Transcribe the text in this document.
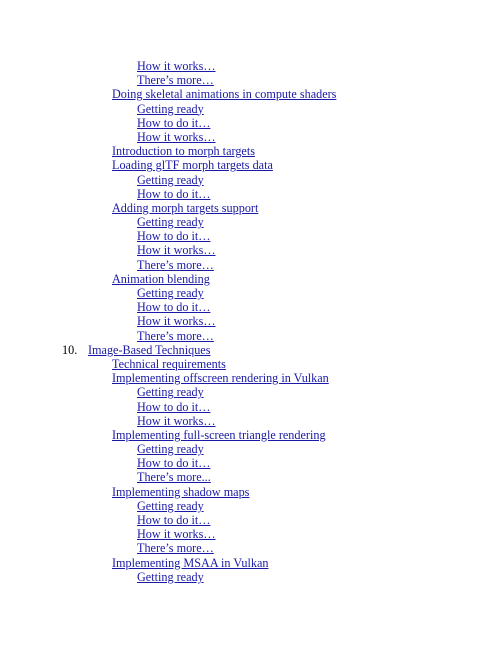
How it works…
There’s more…
Doing skeletal animations in compute shaders
Getting ready
How to do it…
How it works…
Introduction to morph targets
Loading glTF morph targets data
Getting ready
How to do it…
Adding morph targets support
Getting ready
How to do it…
How it works…
There’s more…
Animation blending
Getting ready
How to do it…
How it works…
There’s more…
10. Image-Based Techniques
Technical requirements
Implementing offscreen rendering in Vulkan
Getting ready
How to do it…
How it works…
Implementing full-screen triangle rendering
Getting ready
How to do it…
There’s more...
Implementing shadow maps
Getting ready
How to do it…
How it works…
There’s more…
Implementing MSAA in Vulkan
Getting ready
